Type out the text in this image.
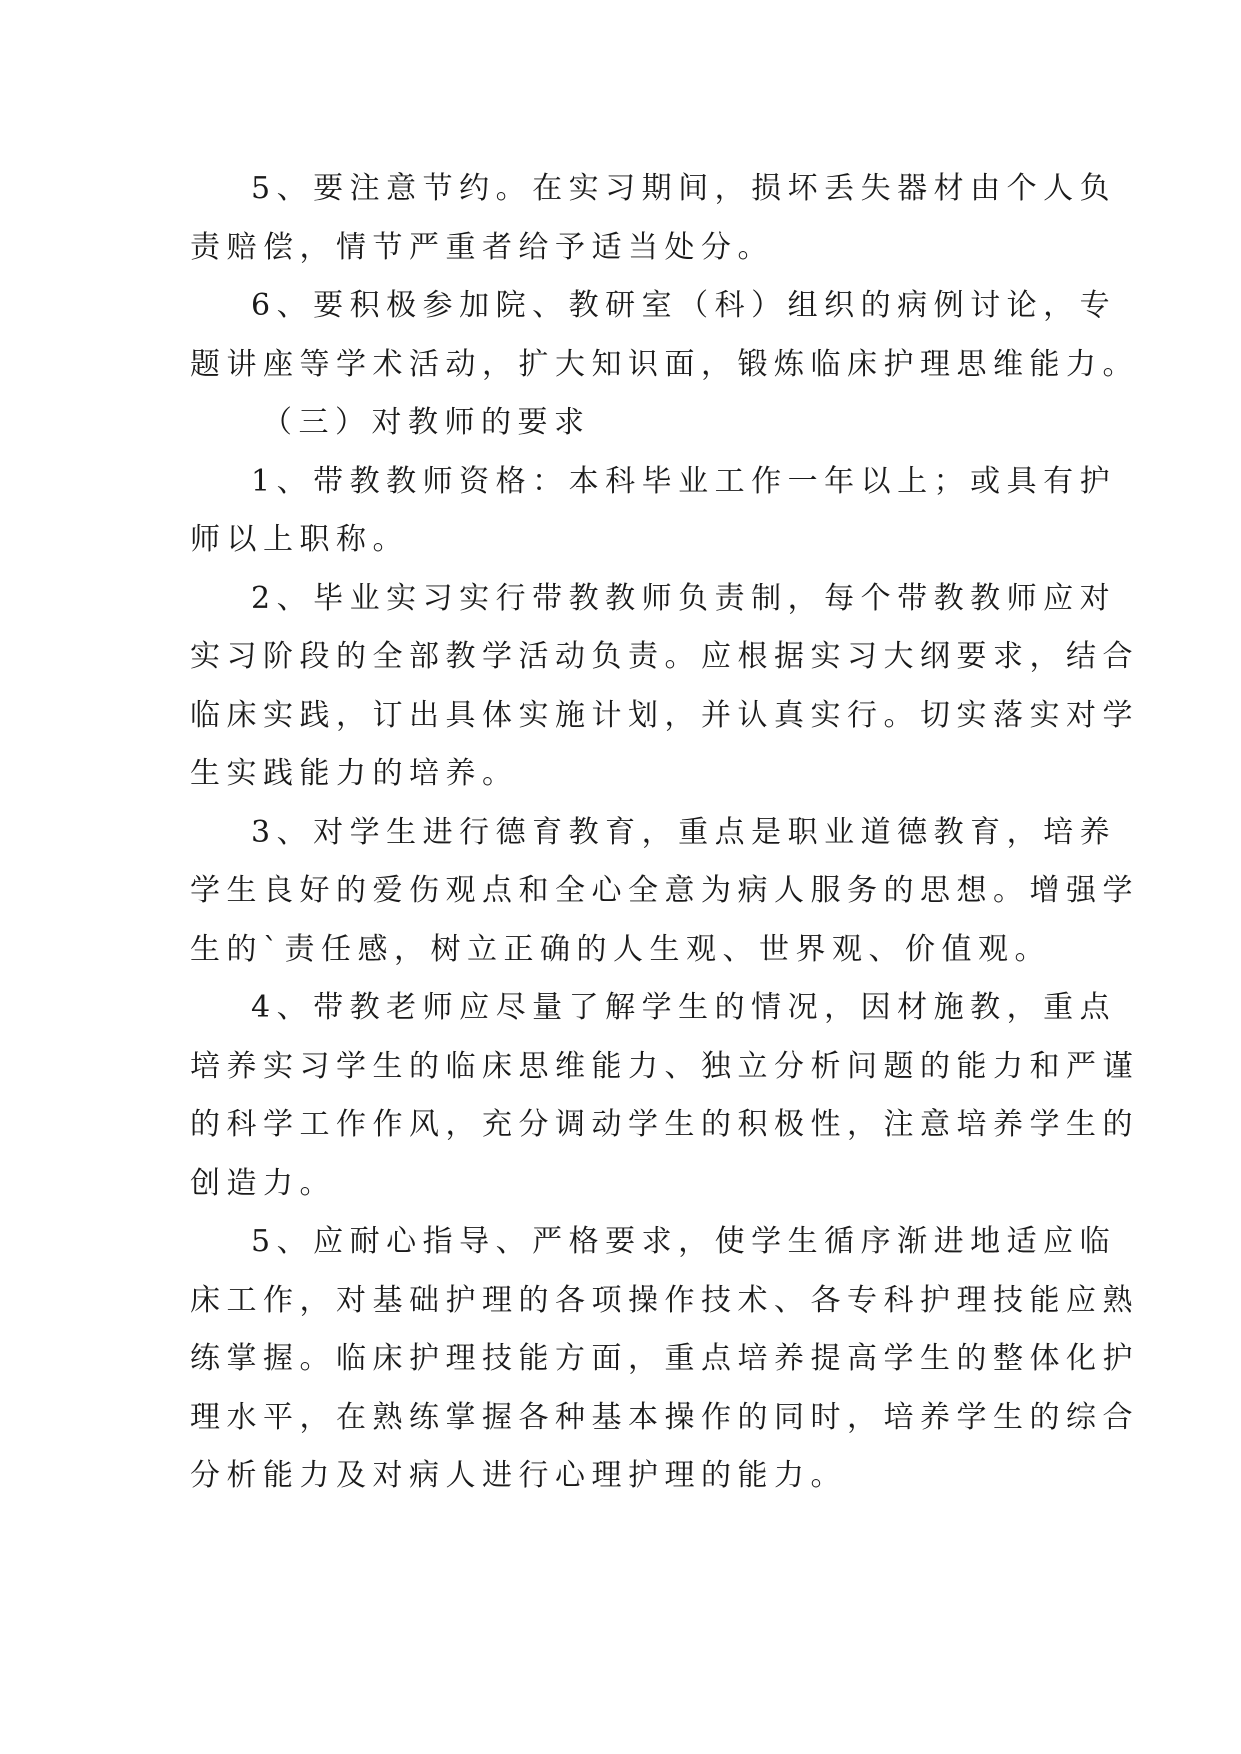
5、要注意节约。在实习期间，损坏丢失器材由个人负
责赔偿，情节严重者给予适当处分。

6、要积极参加院、教研室（科）组织的病例讨论，专
题讲座等学术活动，扩大知识面，锻炼临床护理思维能力。

（三）对教师的要求

1、带教教师资格：本科毕业工作一年以上；或具有护
师以上职称。

2、毕业实习实行带教教师负责制，每个带教教师应对
实习阶段的全部教学活动负责。应根据实习大纲要求，结合
临床实践，订出具体实施计划，并认真实行。切实落实对学
生实践能力的培养。

3、对学生进行德育教育，重点是职业道德教育，培养
学生良好的爱伤观点和全心全意为病人服务的思想。增强学
生的`责任感，树立正确的人生观、世界观、价值观。

4、带教老师应尽量了解学生的情况，因材施教，重点
培养实习学生的临床思维能力、独立分析问题的能力和严谨
的科学工作作风，充分调动学生的积极性，注意培养学生的
创造力。

5、应耐心指导、严格要求，使学生循序渐进地适应临
床工作，对基础护理的各项操作技术、各专科护理技能应熟
练掌握。临床护理技能方面，重点培养提高学生的整体化护
理水平，在熟练掌握各种基本操作的同时，培养学生的综合
分析能力及对病人进行心理护理的能力。
